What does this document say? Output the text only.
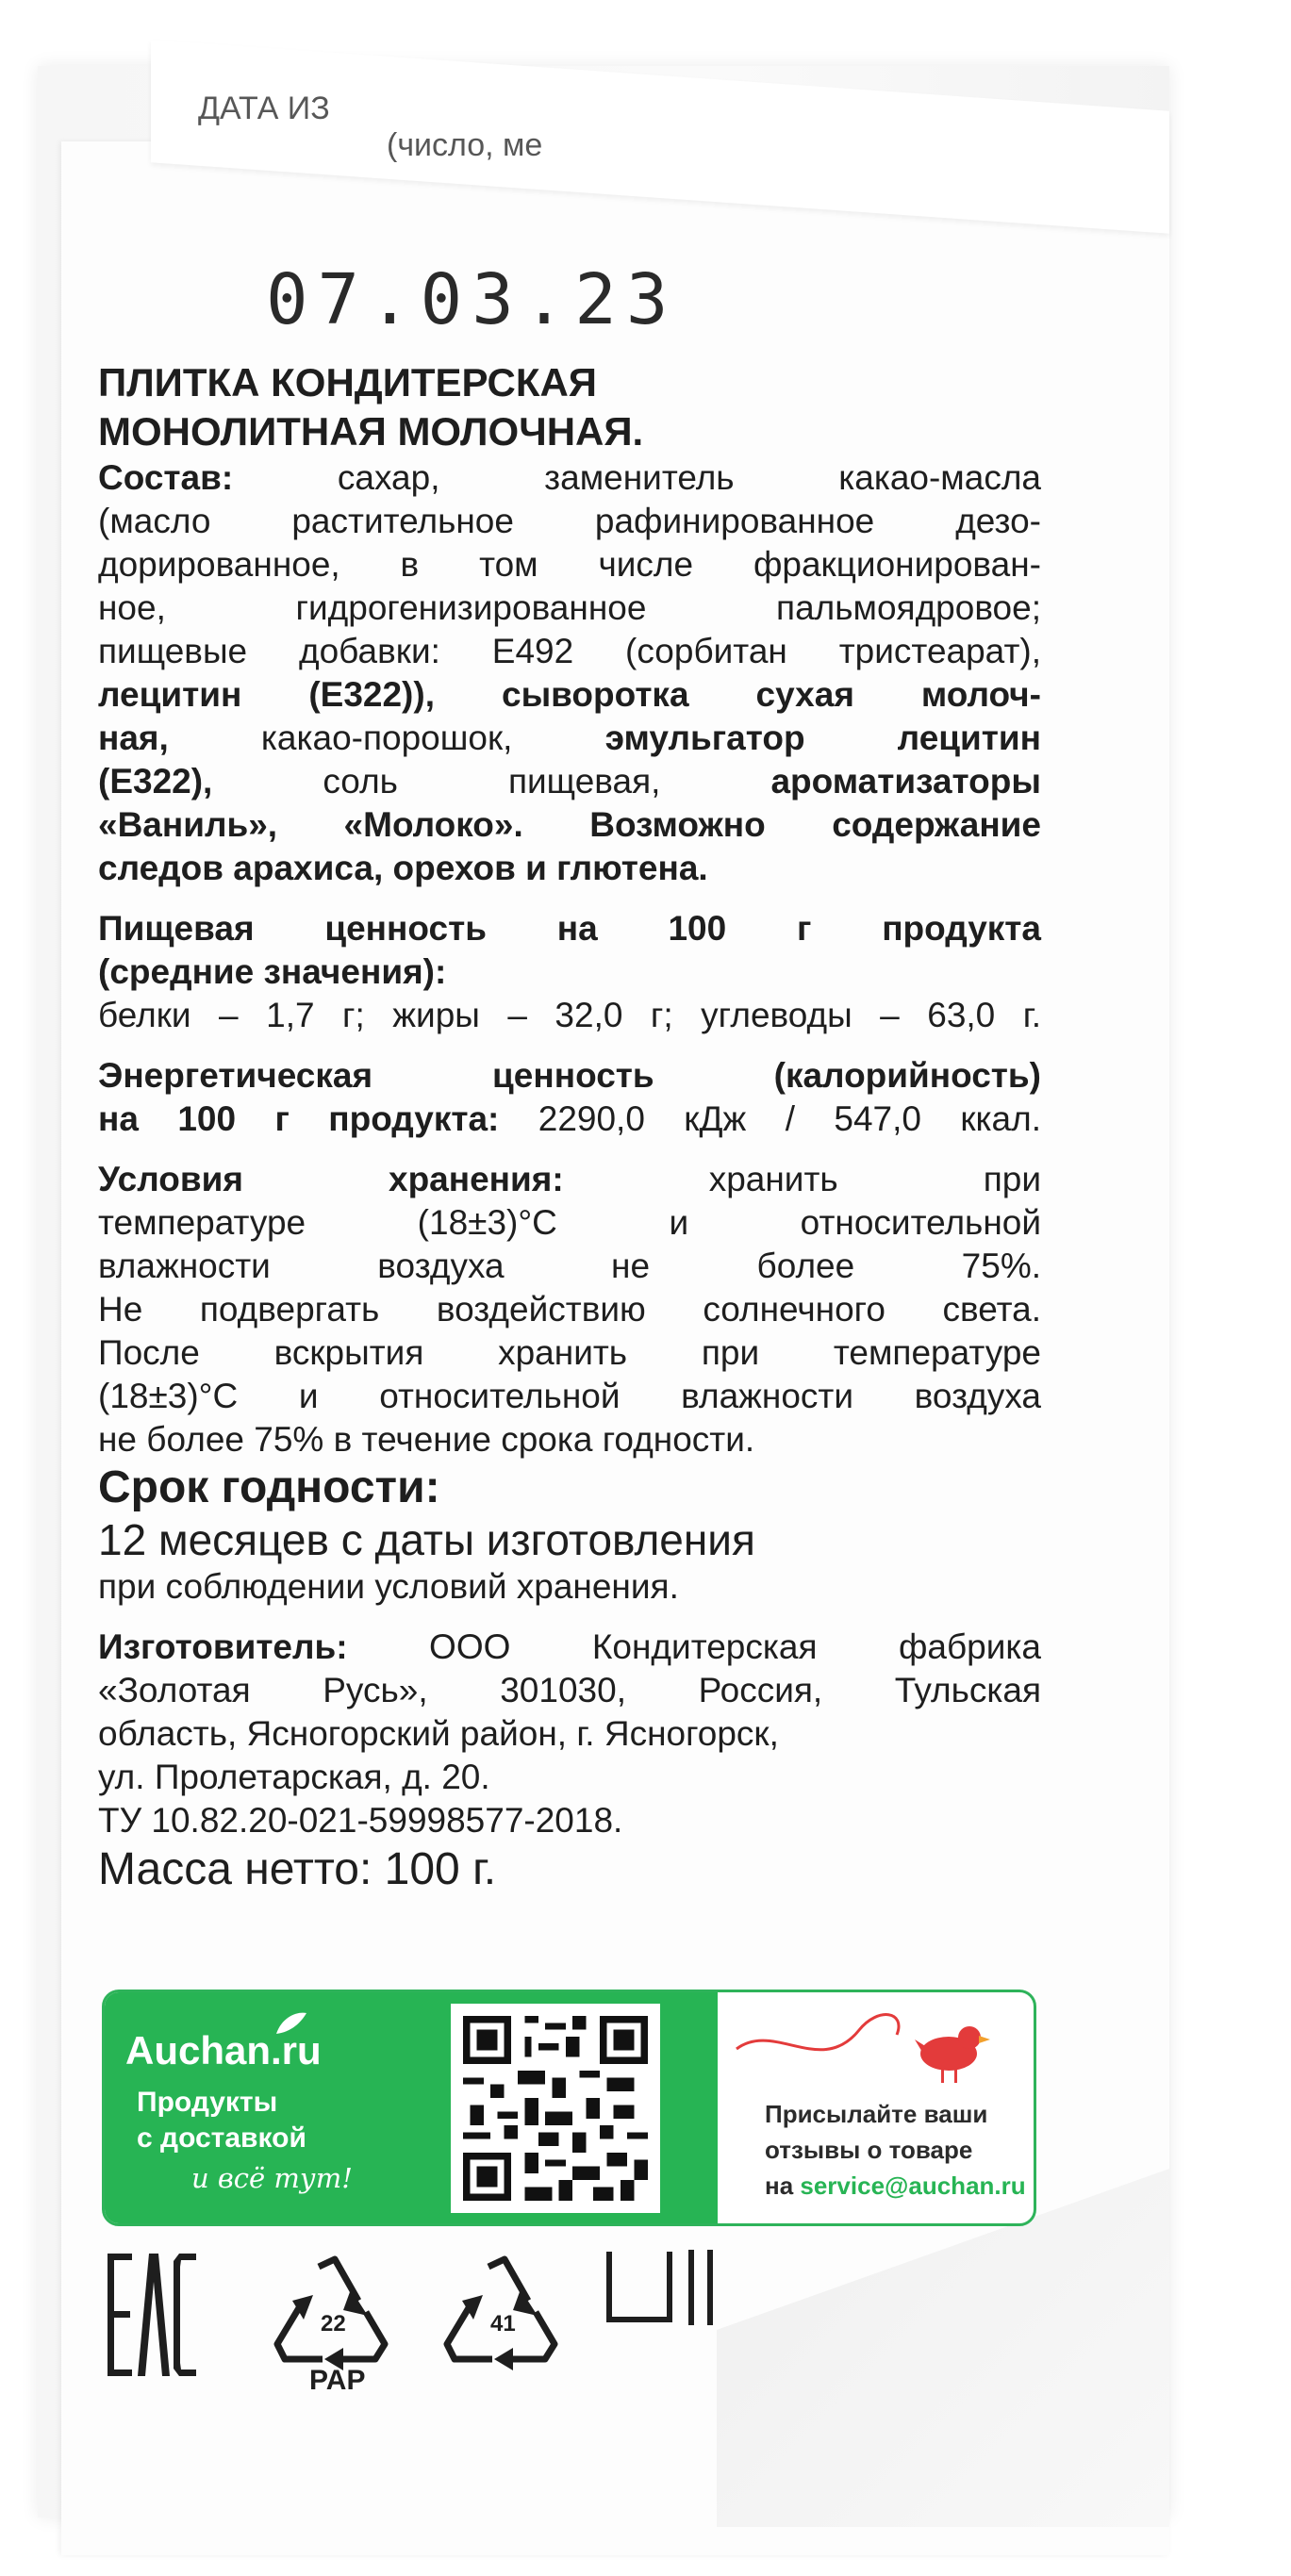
ДАТА ИЗ
(число, ме
07.03.23

ПЛИТКА КОНДИТЕРСКАЯ

МОНОЛИТНАЯ МОЛОЧНАЯ.

Состав:	сахар, заменитель какао-масла

(масло растительное рафинированное дезо-

дорированное, в том числе фракционирован-

ное, гидрогенизированное пальмоядровое;

пищевые добавки: Е492 (сорбитан тристеарат),

лецитин (Е322)), сыворотка сухая молоч-

ная, какао-порошок, эмульгатор лецитин

(Е322), соль пищевая, ароматизаторы

«Ваниль», «Молоко». Возможно содержание

следов арахиса, орехов и глютена.

Пищевая ценность на 100 г продукта

(средние значения):

белки – 1,7 г; жиры – 32,0 г; углеводы – 63,0 г.

Энергетическая ценность (калорийность)

на 100 г продукта: 2290,0 кДж / 547,0 ккал.

Условия хранения:	хранить при

температуре (18±3)°С и относительной

влажности воздуха не более 75%.

Не подвергать воздействию солнечного света.

После вскрытия хранить при температуре

(18±3)°С и относительной влажности воздуха

не более 75% в течение срока годности.

Срок годности:

12 месяцев с даты изготовления

при соблюдении условий хранения.

Изготовитель: ООО Кондитерская фабрика

«Золотая Русь», 301030, Россия, Тульская

область, Ясногорский район, г. Ясногорск,

ул. Пролетарская, д. 20.

ТУ 10.82.20-021-59998577-2018.

Масса нетто: 100 г.

Auchan.ru
Продукты
с доставкой
и всё тут!
Присылайте ваши
отзывы о товаре
на service@auchan.ru
22
PAP
41
